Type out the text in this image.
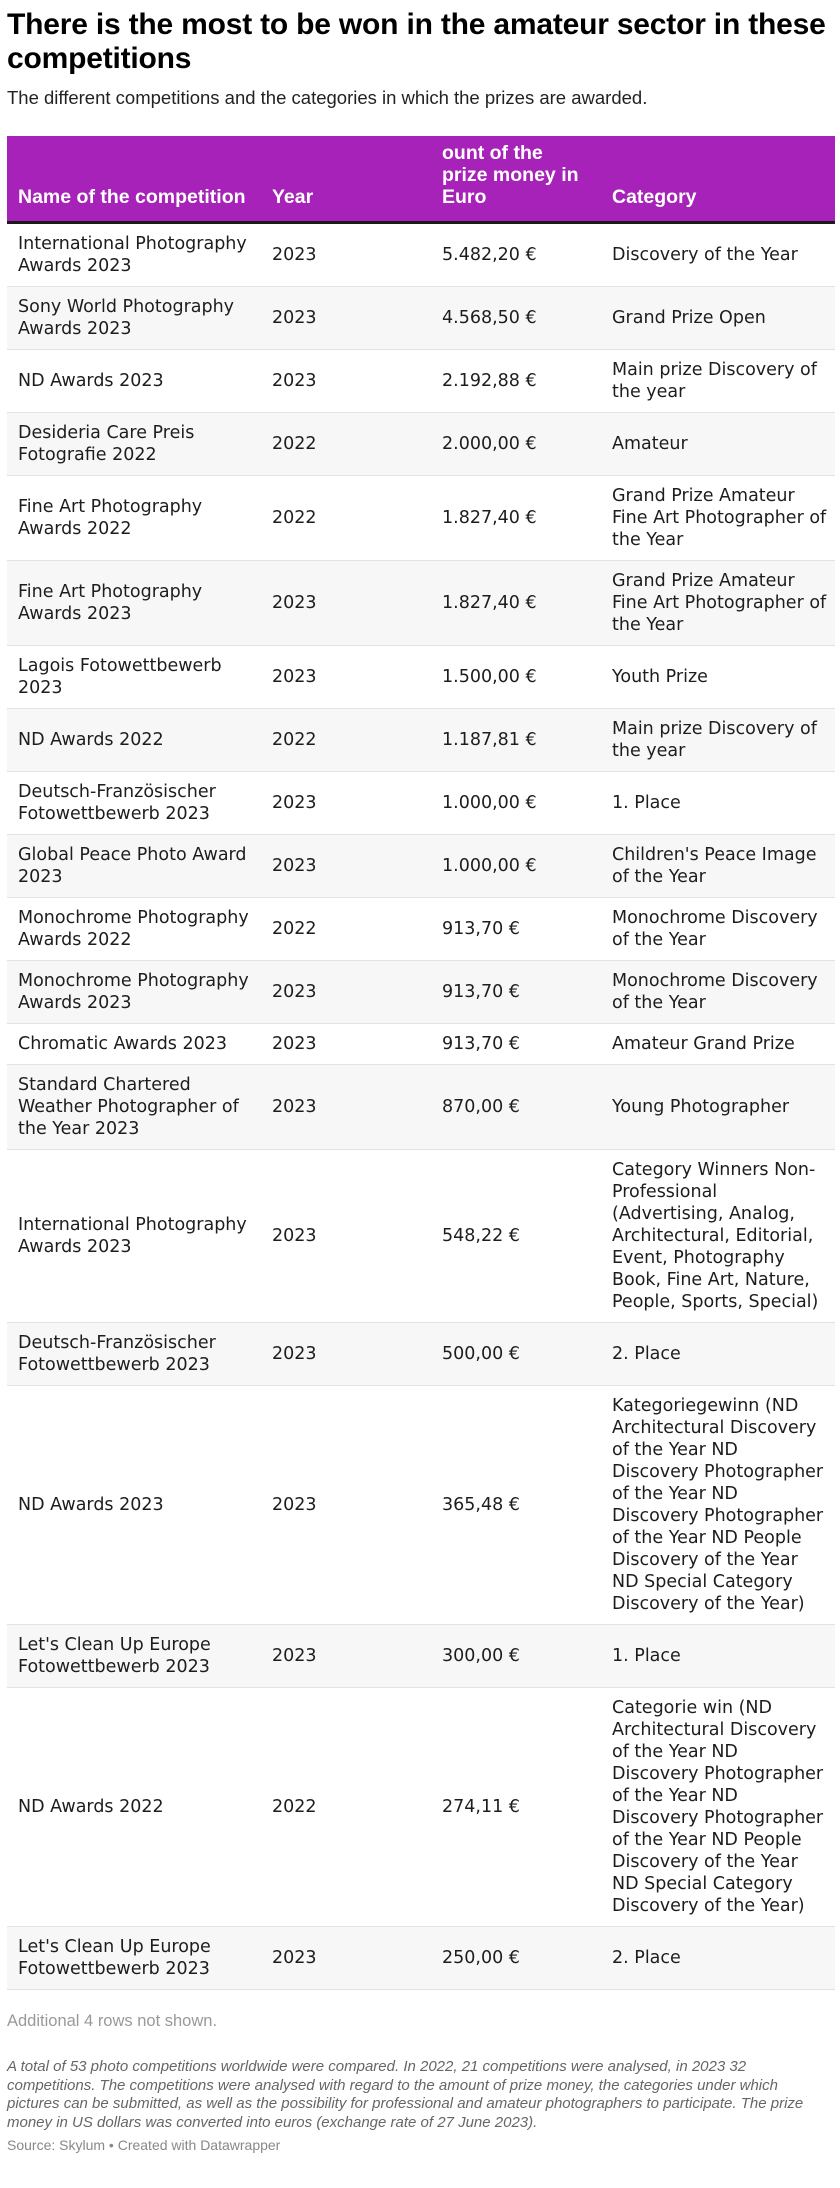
There is the most to be won in the amateur sector in these competitions

The different competitions and the categories in which the prizes are awarded.

Name of the competition	Year	ount of the prize money in Euro	Category
International Photography Awards 2023	2023	5.482,20 €	Discovery of the Year
Sony World Photography Awards 2023	2023	4.568,50 €	Grand Prize Open
ND Awards 2023	2023	2.192,88 €	Main prize Discovery of the year
Desideria Care Preis Fotografie 2022	2022	2.000,00 €	Amateur
Fine Art Photography Awards 2022	2022	1.827,40 €	Grand Prize Amateur Fine Art Photographer of the Year
Fine Art Photography Awards 2023	2023	1.827,40 €	Grand Prize Amateur Fine Art Photographer of the Year
Lagois Fotowettbewerb 2023	2023	1.500,00 €	Youth Prize
ND Awards 2022	2022	1.187,81 €	Main prize Discovery of the year
Deutsch-Französischer Fotowettbewerb 2023	2023	1.000,00 €	1. Place
Global Peace Photo Award 2023	2023	1.000,00 €	Children's Peace Image of the Year
Monochrome Photography Awards 2022	2022	913,70 €	Monochrome Discovery of the Year
Monochrome Photography Awards 2023	2023	913,70 €	Monochrome Discovery of the Year
Chromatic Awards 2023	2023	913,70 €	Amateur Grand Prize
Standard Chartered Weather Photographer of the Year 2023	2023	870,00 €	Young Photographer
International Photography Awards 2023	2023	548,22 €	Category Winners Non-Professional (Advertising, Analog, Architectural, Editorial, Event, Photography Book, Fine Art, Nature, People, Sports, Special)
Deutsch-Französischer Fotowettbewerb 2023	2023	500,00 €	2. Place
ND Awards 2023	2023	365,48 €	Kategoriegewinn (ND Architectural Discovery of the Year ND Discovery Photographer of the Year ND Discovery Photographer of the Year ND People Discovery of the Year ND Special Category Discovery of the Year)
Let's Clean Up Europe Fotowettbewerb 2023	2023	300,00 €	1. Place
ND Awards 2022	2022	274,11 €	Categorie win (ND Architectural Discovery of the Year ND Discovery Photographer of the Year ND Discovery Photographer of the Year ND People Discovery of the Year ND Special Category Discovery of the Year)
Let's Clean Up Europe Fotowettbewerb 2023	2023	250,00 €	2. Place

Additional 4 rows not shown.

A total of 53 photo competitions worldwide were compared. In 2022, 21 competitions were analysed, in 2023 32 competitions. The competitions were analysed with regard to the amount of prize money, the categories under which pictures can be submitted, as well as the possibility for professional and amateur photographers to participate. The prize money in US dollars was converted into euros (exchange rate of 27 June 2023).

Source: Skylum • Created with Datawrapper
